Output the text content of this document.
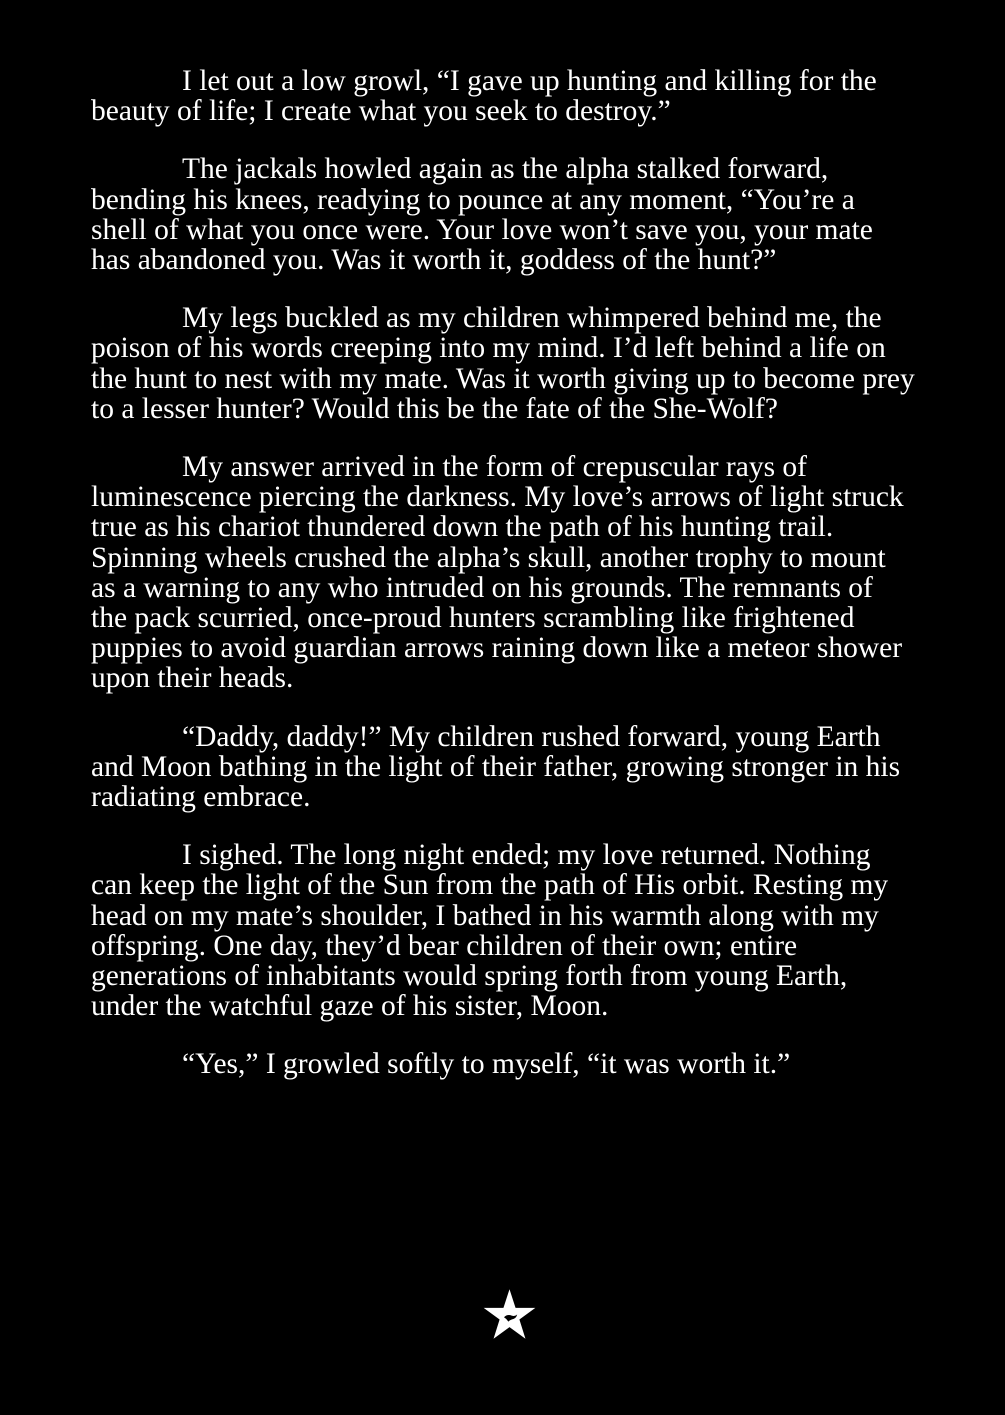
I let out a low growl, “I gave up hunting and killing for the beauty of life; I create what you seek to destroy.”

The jackals howled again as the alpha stalked forward, bending his knees, readying to pounce at any moment, “You’re a shell of what you once were. Your love won’t save you, your mate has abandoned you. Was it worth it, goddess of the hunt?”

My legs buckled as my children whimpered behind me, the poison of his words creeping into my mind. I’d left behind a life on the hunt to nest with my mate. Was it worth giving up to become prey to a lesser hunter? Would this be the fate of the She-Wolf?

My answer arrived in the form of crepuscular rays of luminescence piercing the darkness. My love’s arrows of light struck true as his chariot thundered down the path of his hunting trail. Spinning wheels crushed the alpha’s skull, another trophy to mount as a warning to any who intruded on his grounds. The remnants of the pack scurried, once-proud hunters scrambling like frightened puppies to avoid guardian arrows raining down like a meteor shower upon their heads.

“Daddy, daddy!” My children rushed forward, young Earth and Moon bathing in the light of their father, growing stronger in his radiating embrace.

I sighed. The long night ended; my love returned. Nothing can keep the light of the Sun from the path of His orbit. Resting my head on my mate’s shoulder, I bathed in his warmth along with my offspring. One day, they’d bear children of their own; entire generations of inhabitants would spring forth from young Earth, under the watchful gaze of his sister, Moon.

“Yes,” I growled softly to myself, “it was worth it.”
